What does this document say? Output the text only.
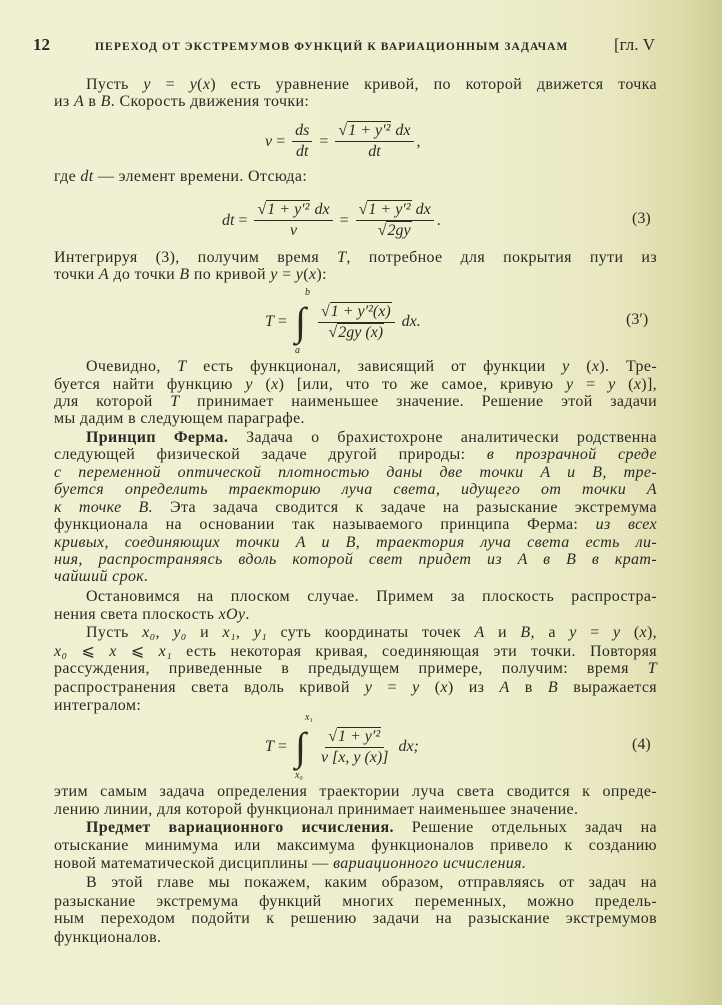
12	ПЕРЕХОД ОТ ЭКСТРЕМУМОВ ФУНКЦИЙ К ВАРИАЦИОННЫМ ЗАДАЧАМ	[гл. V
Пусть y = y(x) есть уравнение кривой, по которой движется точка
из A в B. Скорость движения точки:
где dt — элемент времени. Отсюда:
Интегрируя (3), получим время T, потребное для покрытия пути из
точки A до точки B по кривой y = y(x):
Очевидно, T есть функционал, зависящий от функции y (x). Тре-
буется найти функцию y (x) [или, что то же самое, кривую y = y (x)],
для которой T принимает наименьшее значение. Решение этой задачи
мы дадим в следующем параграфе.
Принцип Ферма. Задача о брахистохроне аналитически родственна
следующей физической задаче другой природы: в прозрачной среде
с переменной оптической плотностью даны две точки A и B, тре-
буется определить траекторию луча света, идущего от точки A
к точке B. Эта задача сводится к задаче на разыскание экстремума
функционала на основании так называемого принципа Ферма: из всех
кривых, соединяющих точки A и B, траектория луча света есть ли-
ния, распространяясь вдоль которой свет придет из A в B в крат-
чайший срок.
Остановимся на плоском случае. Примем за плоскость распростра-
нения света плоскость xOy.
Пусть x₀, y₀ и x₁, y₁ суть координаты точек A и B, а y = y (x),
x₀ ⩽ x ⩽ x₁ есть некоторая кривая, соединяющая эти точки. Повторяя
рассуждения, приведенные в предыдущем примере, получим: время T
распространения света вдоль кривой y = y (x) из A в B выражается
интегралом:
этим самым задача определения траектории луча света сводится к опреде-
лению линии, для которой функционал принимает наименьшее значение.
Предмет вариационного исчисления. Решение отдельных задач на
отыскание минимума или максимума функционалов привело к созданию
новой математической дисциплины — вариационного исчисления.
В этой главе мы покажем, каким образом, отправляясь от задач на
разыскание экстремума функций многих переменных, можно предель-
ным переходом подойти к решению задачи на разыскание экстремумов
функционалов.
$v = \frac{ds}{dt} = \frac{\text{√1 + y′² dx}}{dt}$ ,
dt = $\frac{\text{√1 + y′² dx}}{v} = \frac{\text{√1 + y′² dx}}{√2gy}$ .	(3)
T = ∫
b
a
$\frac{\text{√1 + y′²(x)}}{√2gy (x)}$ dx.	(3′)
T = ∫
x₁
x₀
$\frac{\text{√1 + y′²}}{v [x, y (x)]}$ dx;	(4)
